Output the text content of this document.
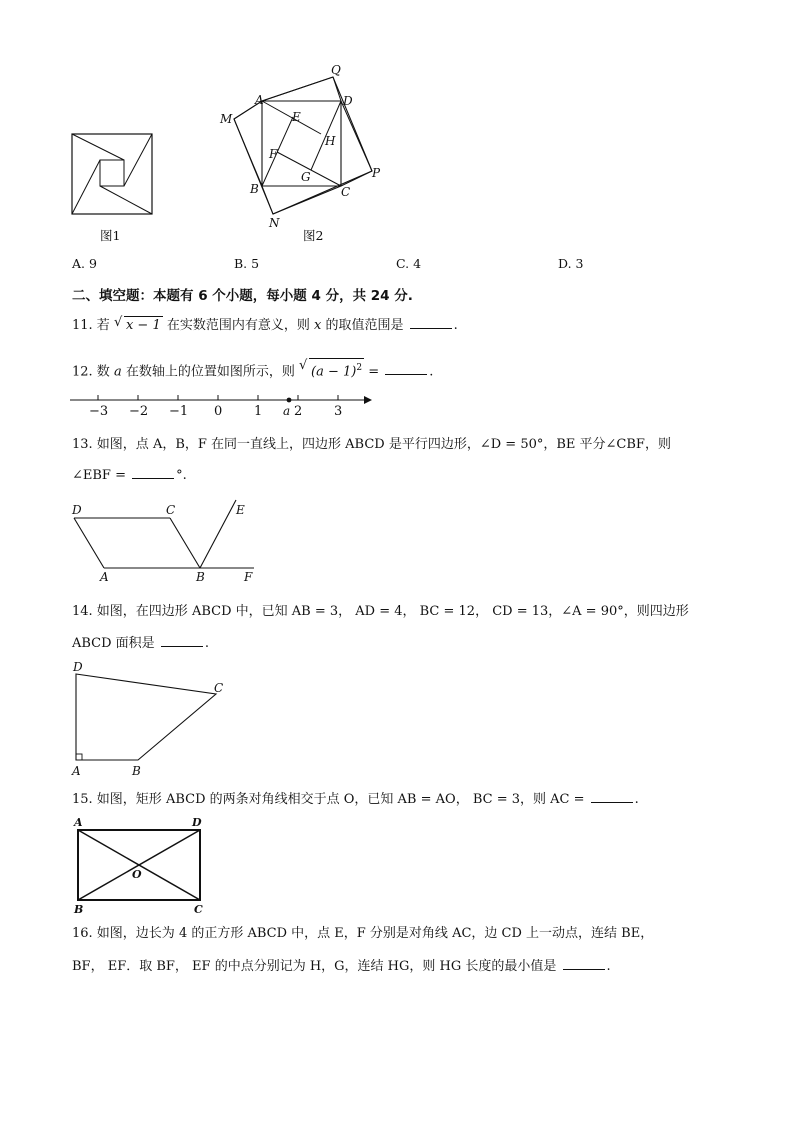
图1
Q
A	D
M	E
H
F
B
G
C
P
N
图2
A. 9	B. 5	C. 4	D. 3
二、填空题：本题有 6 个小题，每小题 4 分，共 24 分.
11. 若 √ x − 1 在实数范围内有意义，则 x 的取值范围是	.
12. 数 a 在数轴上的位置如图所示，则 √ $(a - 1)^2$ =	.
−3 −2 −1 0 1 2 3
a
13. 如图，点 A，B，F 在同一直线上，四边形 ABCD 是平行四边形，∠D = 50°，BE 平分∠CBF，则
∠EBF =	°.
D	C	E
A	B	F
14. 如图，在四边形 ABCD 中，已知 AB = 3， AD = 4， BC = 12， CD = 13，∠A = 90°，则四边形
ABCD 面积是	.
D
C
A	B
15. 如图，矩形 ABCD 的两条对角线相交于点 O，已知 AB = AO， BC = 3，则 AC =	.
A	D
O
B	C
16. 如图，边长为 4 的正方形 ABCD 中，点 E，F 分别是对角线 AC，边 CD 上一动点，连结 BE，
BF， EF．取 BF， EF 的中点分别记为 H，G，连结 HG，则 HG 长度的最小值是	.
